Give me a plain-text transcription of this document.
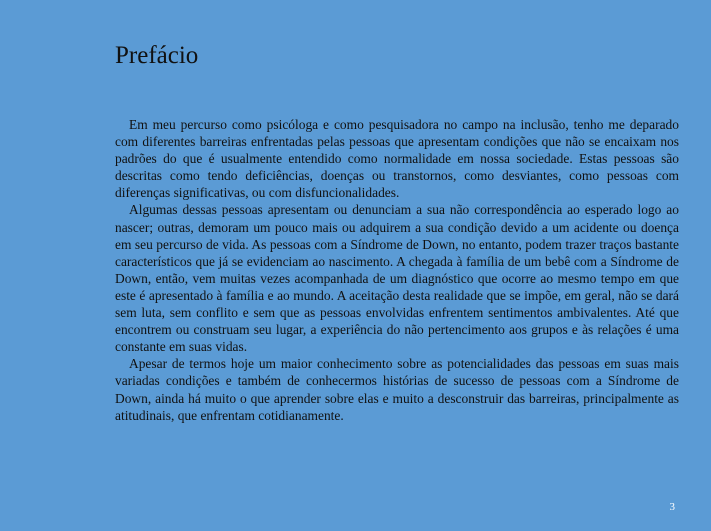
Prefácio

Em meu percurso como psicóloga e como pesquisadora no campo na inclusão, tenho me deparado com diferentes barreiras enfrentadas pelas pessoas que apresentam condições que não se encaixam nos padrões do que é usualmente entendido como normalidade em nossa sociedade. Estas pessoas são descritas como tendo deficiências, doenças ou transtornos, como desviantes, como pessoas com diferenças significativas, ou com disfuncionalidades.

Algumas dessas pessoas apresentam ou denunciam a sua não correspondência ao esperado logo ao nascer; outras, demoram um pouco mais ou adquirem a sua condição devido a um acidente ou doença em seu percurso de vida. As pessoas com a Síndrome de Down, no entanto, podem trazer traços bastante característicos que já se evidenciam ao nascimento. A chegada à família de um bebê com a Síndrome de Down, então, vem muitas vezes acompanhada de um diagnóstico que ocorre ao mesmo tempo em que este é apresentado à família e ao mundo. A aceitação desta realidade que se impõe, em geral, não se dará sem luta, sem conflito e sem que as pessoas envolvidas enfrentem sentimentos ambivalentes. Até que encontrem ou construam seu lugar, a experiência do não pertencimento aos grupos e às relações é uma constante em suas vidas.

Apesar de termos hoje um maior conhecimento sobre as potencialidades das pessoas em suas mais variadas condições e também de conhecermos histórias de sucesso de pessoas com a Síndrome de Down, ainda há muito o que aprender sobre elas e muito a desconstruir das barreiras, principalmente as atitudinais, que enfrentam cotidianamente.

3
